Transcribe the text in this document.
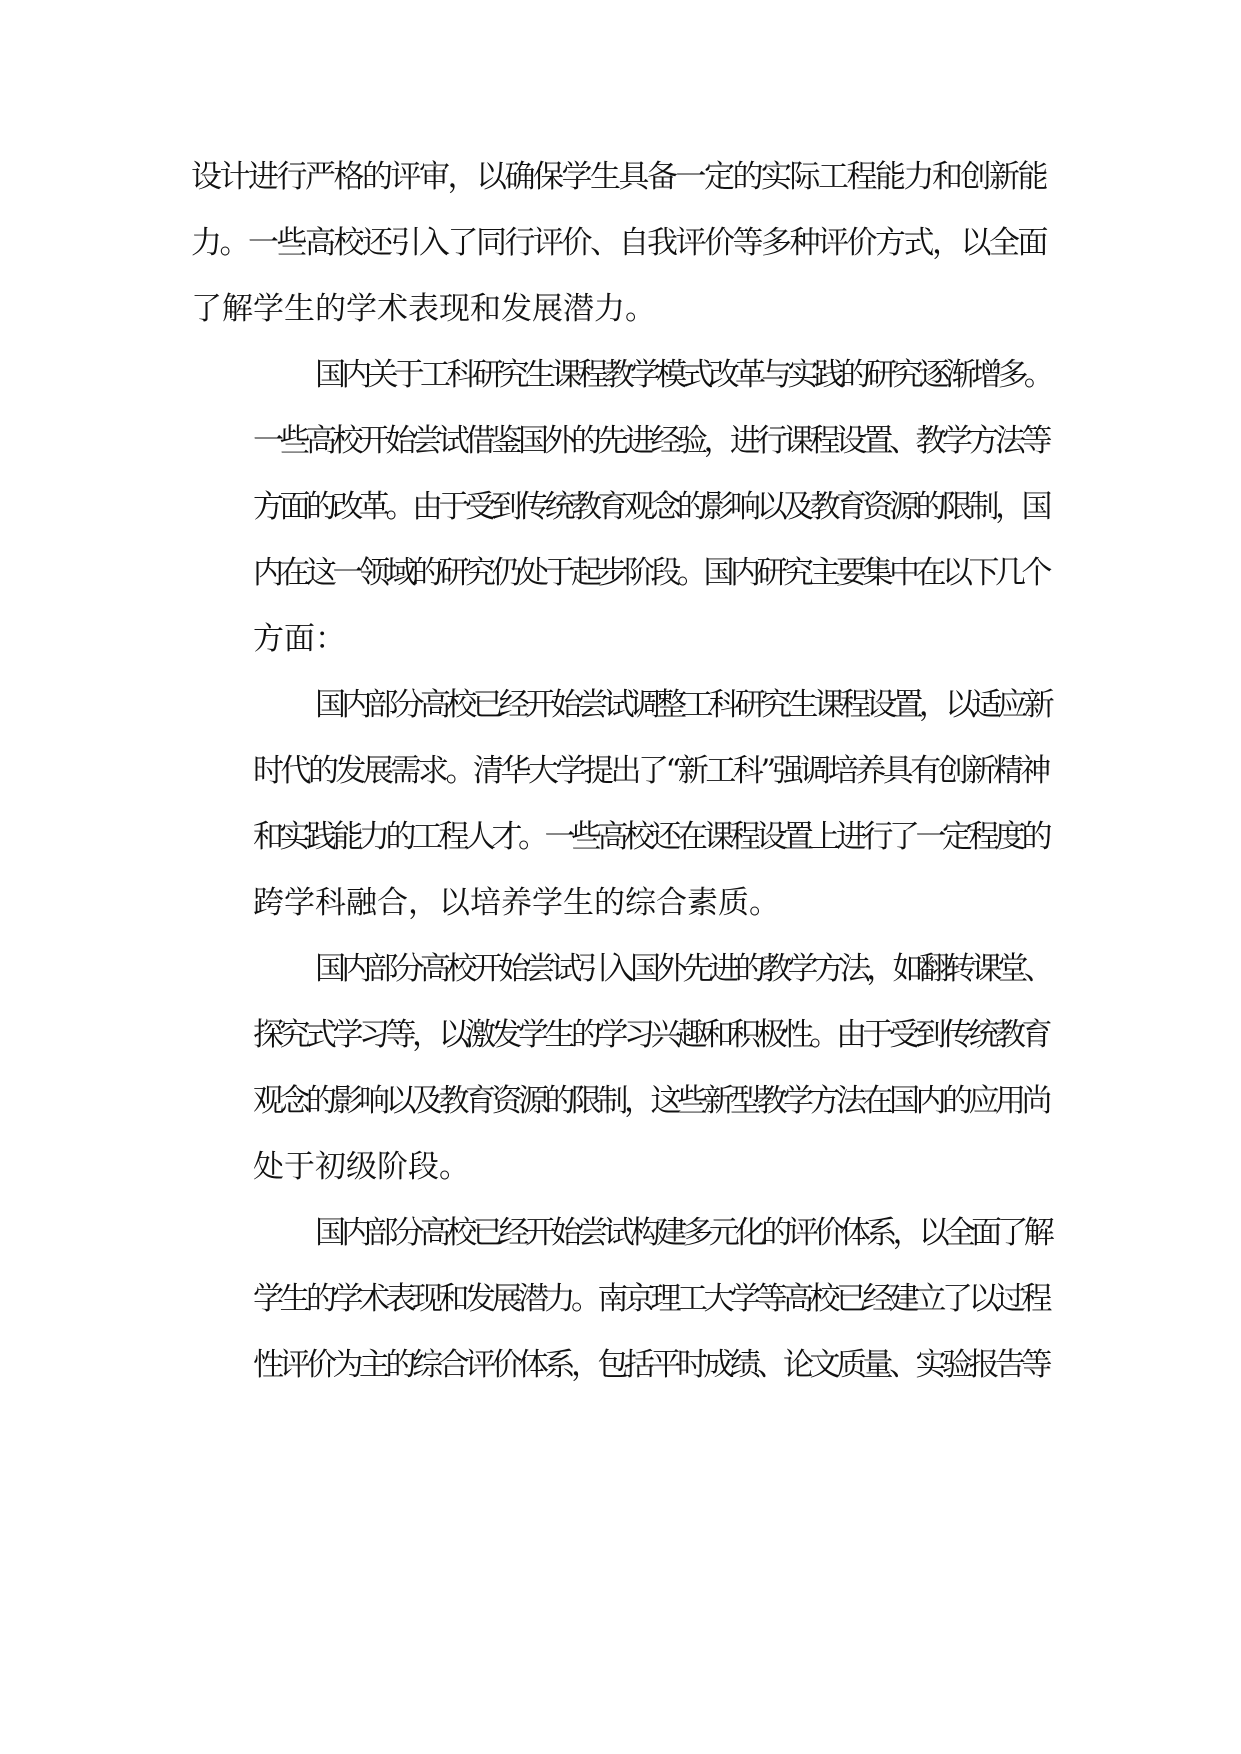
设计进行严格的评审，以确保学生具备一定的实际工程能力和创新能
力。一些高校还引入了同行评价、自我评价等多种评价方式，以全面
了解学生的学术表现和发展潜力。

国内关于工科研究生课程教学模式改革与实践的研究逐渐增多。
一些高校开始尝试借鉴国外的先进经验，进行课程设置、教学方法等
方面的改革。由于受到传统教育观念的影响以及教育资源的限制，国
内在这一领域的研究仍处于起步阶段。国内研究主要集中在以下几个
方面：

国内部分高校已经开始尝试调整工科研究生课程设置，以适应新
时代的发展需求。清华大学提出了“新工科”强调培养具有创新精神
和实践能力的工程人才。一些高校还在课程设置上进行了一定程度的
跨学科融合，以培养学生的综合素质。

国内部分高校开始尝试引入国外先进的教学方法，如翻转课堂、
探究式学习等，以激发学生的学习兴趣和积极性。由于受到传统教育
观念的影响以及教育资源的限制，这些新型教学方法在国内的应用尚
处于初级阶段。

国内部分高校已经开始尝试构建多元化的评价体系，以全面了解
学生的学术表现和发展潜力。南京理工大学等高校已经建立了以过程
性评价为主的综合评价体系，包括平时成绩、论文质量、实验报告等
